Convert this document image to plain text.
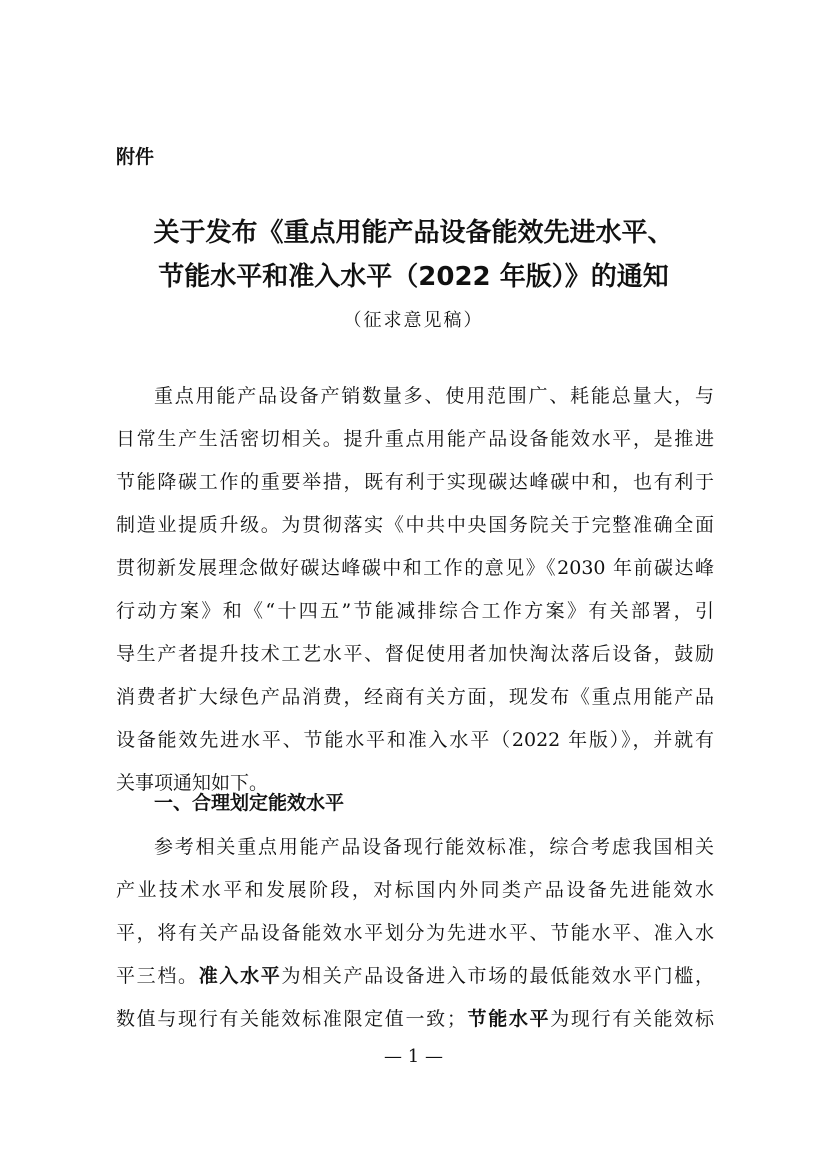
附件
关于发布《重点用能产品设备能效先进水平、
节能水平和准入水平（2022 年版）》的通知
（征求意见稿）
重点用能产品设备产销数量多、使用范围广、耗能总量大，与
日常生产生活密切相关。提升重点用能产品设备能效水平，是推进
节能降碳工作的重要举措，既有利于实现碳达峰碳中和，也有利于
制造业提质升级。为贯彻落实《中共中央国务院关于完整准确全面
贯彻新发展理念做好碳达峰碳中和工作的意见》《2030 年前碳达峰
行动方案》和《“十四五”节能减排综合工作方案》有关部署，引
导生产者提升技术工艺水平、督促使用者加快淘汰落后设备，鼓励
消费者扩大绿色产品消费，经商有关方面，现发布《重点用能产品
设备能效先进水平、节能水平和准入水平（2022 年版）》，并就有
关事项通知如下。
一、合理划定能效水平
参考相关重点用能产品设备现行能效标准，综合考虑我国相关
产业技术水平和发展阶段，对标国内外同类产品设备先进能效水
平，将有关产品设备能效水平划分为先进水平、节能水平、准入水
平三档。准入水平为相关产品设备进入市场的最低能效水平门槛，
数值与现行有关能效标准限定值一致；节能水平为现行有关能效标
— 1 —
